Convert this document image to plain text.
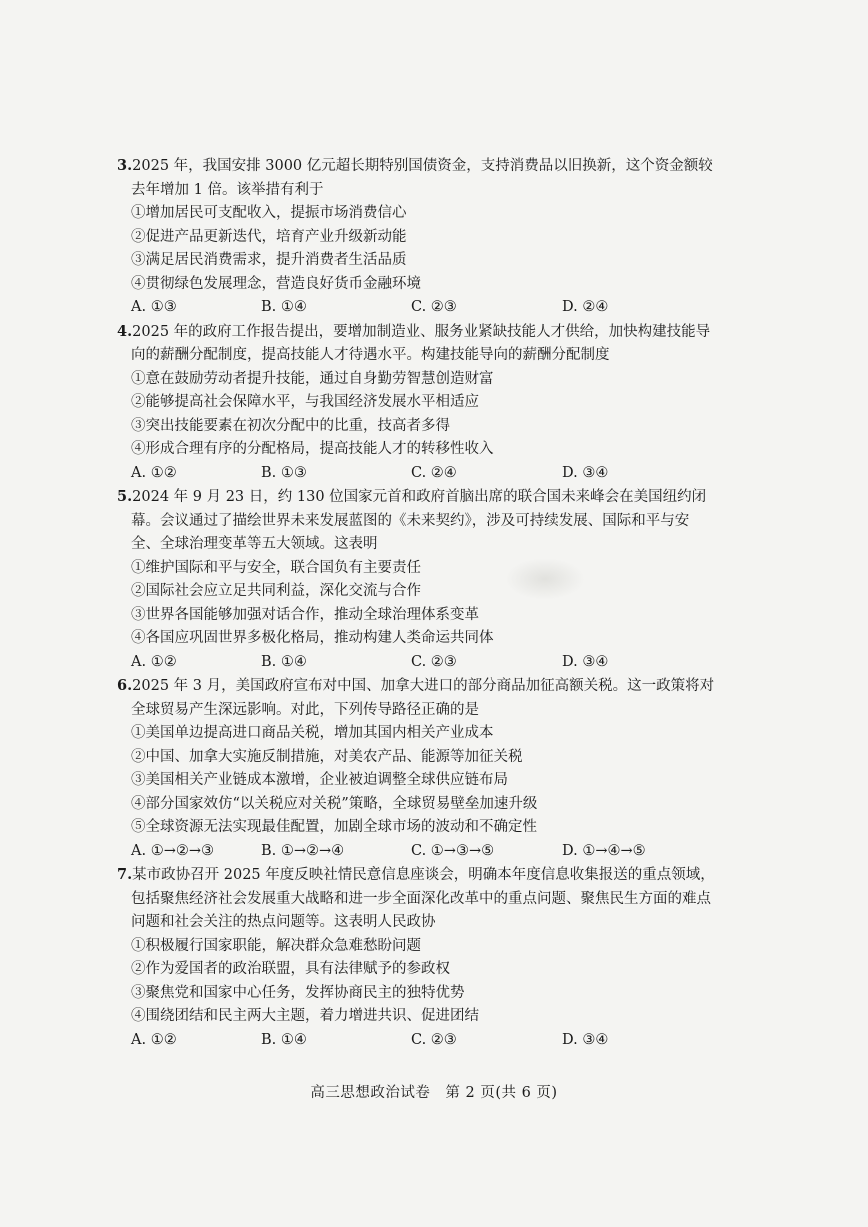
3.2025 年，我国安排 3000 亿元超长期特别国债资金，支持消费品以旧换新，这个资金额较去年增加 1 倍。该举措有利于

①增加居民可支配收入，提振市场消费信心

②促进产品更新迭代，培育产业升级新动能

③满足居民消费需求，提升消费者生活品质

④贯彻绿色发展理念，营造良好货币金融环境

A. ①③	B. ①④	C. ②③	D. ②④

4.2025 年的政府工作报告提出，要增加制造业、服务业紧缺技能人才供给，加快构建技能导向的薪酬分配制度，提高技能人才待遇水平。构建技能导向的薪酬分配制度

①意在鼓励劳动者提升技能，通过自身勤劳智慧创造财富

②能够提高社会保障水平，与我国经济发展水平相适应

③突出技能要素在初次分配中的比重，技高者多得

④形成合理有序的分配格局，提高技能人才的转移性收入

A. ①②	B. ①③	C. ②④	D. ③④

5.2024 年 9 月 23 日，约 130 位国家元首和政府首脑出席的联合国未来峰会在美国纽约闭幕。会议通过了描绘世界未来发展蓝图的《未来契约》，涉及可持续发展、国际和平与安全、全球治理变革等五大领域。这表明

①维护国际和平与安全，联合国负有主要责任

②国际社会应立足共同利益，深化交流与合作

③世界各国能够加强对话合作，推动全球治理体系变革

④各国应巩固世界多极化格局，推动构建人类命运共同体

A. ①②	B. ①④	C. ②③	D. ③④

6.2025 年 3 月，美国政府宣布对中国、加拿大进口的部分商品加征高额关税。这一政策将对全球贸易产生深远影响。对此，下列传导路径正确的是

①美国单边提高进口商品关税，增加其国内相关产业成本

②中国、加拿大实施反制措施，对美农产品、能源等加征关税

③美国相关产业链成本激增，企业被迫调整全球供应链布局

④部分国家效仿“以关税应对关税”策略，全球贸易壁垒加速升级

⑤全球资源无法实现最佳配置，加剧全球市场的波动和不确定性

A. ①→②→③	B. ①→②→④	C. ①→③→⑤	D. ①→④→⑤

7.某市政协召开 2025 年度反映社情民意信息座谈会，明确本年度信息收集报送的重点领域，包括聚焦经济社会发展重大战略和进一步全面深化改革中的重点问题、聚焦民生方面的难点问题和社会关注的热点问题等。这表明人民政协

①积极履行国家职能，解决群众急难愁盼问题

②作为爱国者的政治联盟，具有法律赋予的参政权

③聚焦党和国家中心任务，发挥协商民主的独特优势

④围绕团结和民主两大主题，着力增进共识、促进团结

A. ①②	B. ①④	C. ②③	D. ③④
高三思想政治试卷　第 2 页(共 6 页)
